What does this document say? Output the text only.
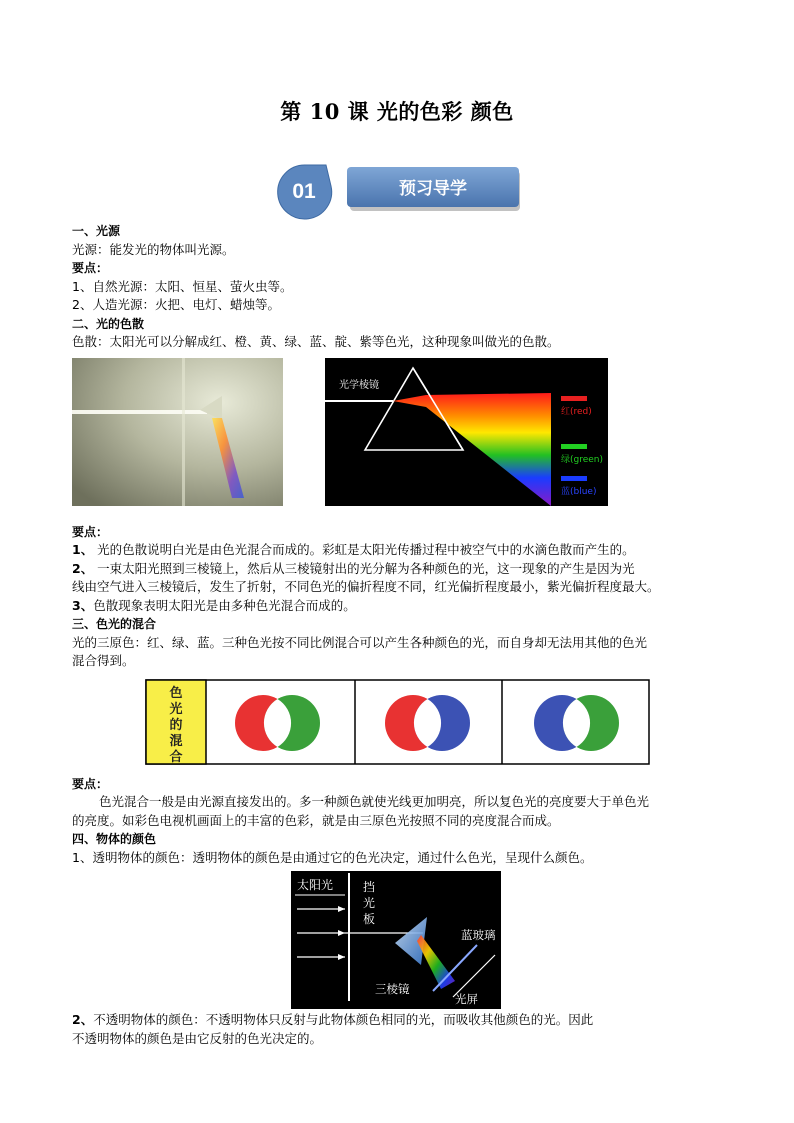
第 10 课 光的色彩 颜色
01	预习导学
一、光源
光源：能发光的物体叫光源。
要点：
1、自然光源：太阳、恒星、萤火虫等。
2、人造光源：火把、电灯、蜡烛等。
二、光的色散
色散：太阳光可以分解成红、橙、黄、绿、蓝、靛、紫等色光，这种现象叫做光的色散。
光学棱镜
红(red)
绿(green)
蓝(blue)
要点：
1、 光的色散说明白光是由色光混合而成的。彩虹是太阳光传播过程中被空气中的水滴色散而产生的。
2、 一束太阳光照到三棱镜上，然后从三棱镜射出的光分解为各种颜色的光，这一现象的产生是因为光
线由空气进入三棱镜后，发生了折射，不同色光的偏折程度不同，红光偏折程度最小，紫光偏折程度最大。
3、色散现象表明太阳光是由多种色光混合而成的。
三、色光的混合
光的三原色：红、绿、蓝。三种色光按不同比例混合可以产生各种颜色的光，而自身却无法用其他的色光
混合得到。
色
光
的
混
合
要点：
色光混合一般是由光源直接发出的。多一种颜色就使光线更加明亮，所以复色光的亮度要大于单色光
的亮度。如彩色电视机画面上的丰富的色彩，就是由三原色光按照不同的亮度混合而成。
四、物体的颜色
1、透明物体的颜色：透明物体的颜色是由通过它的色光决定，通过什么色光，呈现什么颜色。
太阳光 挡
光
板
蓝玻璃
三棱镜
光屏
2、不透明物体的颜色：不透明物体只反射与此物体颜色相同的光，而吸收其他颜色的光。因此
不透明物体的颜色是由它反射的色光决定的。
